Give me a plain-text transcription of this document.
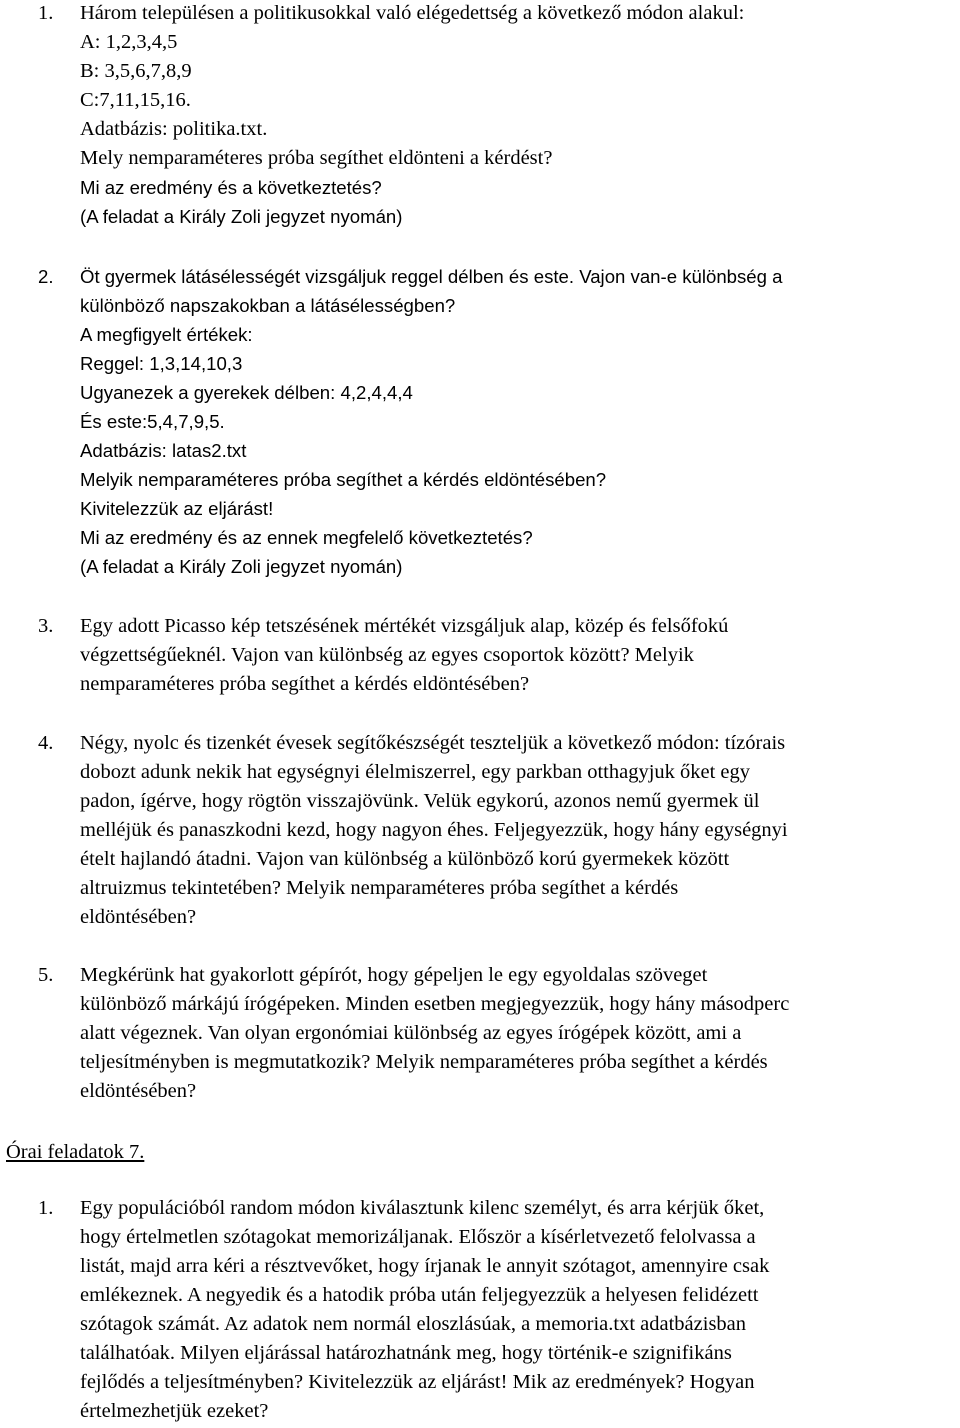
1. Három településen a politikusokkal való elégedettség a következő módon alakul:
A: 1,2,3,4,5
B: 3,5,6,7,8,9
C:7,11,15,16.
Adatbázis: politika.txt.
Mely nemparaméteres próba segíthet eldönteni a kérdést?
Mi az eredmény és a következtetés?
(A feladat a Király Zoli jegyzet nyomán)
2. Öt gyermek látásélességét vizsgáljuk reggel délben és este. Vajon van-e különbség a
különböző napszakokban a látásélességben?
A megfigyelt értékek:
Reggel: 1,3,14,10,3
Ugyanezek a gyerekek délben: 4,2,4,4,4
És este:5,4,7,9,5.
Adatbázis: latas2.txt
Melyik nemparaméteres próba segíthet a kérdés eldöntésében?
Kivitelezzük az eljárást!
Mi az eredmény és az ennek megfelelő következtetés?
(A feladat a Király Zoli jegyzet nyomán)
3. Egy adott Picasso kép tetszésének mértékét vizsgáljuk alap, közép és felsőfokú
végzettségűeknél. Vajon van különbség az egyes csoportok között? Melyik
nemparaméteres próba segíthet a kérdés eldöntésében?
4. Négy, nyolc és tizenkét évesek segítőkészségét teszteljük a következő módon: tízórais
dobozt adunk nekik hat egységnyi élelmiszerrel, egy parkban otthagyjuk őket egy
padon, ígérve, hogy rögtön visszajövünk. Velük egykorú, azonos nemű gyermek ül
melléjük és panaszkodni kezd, hogy nagyon éhes. Feljegyezzük, hogy hány egységnyi
ételt hajlandó átadni. Vajon van különbség a különböző korú gyermekek között
altruizmus tekintetében? Melyik nemparaméteres próba segíthet a kérdés
eldöntésében?
5. Megkérünk hat gyakorlott gépírót, hogy gépeljen le egy egyoldalas szöveget
különböző márkájú írógépeken. Minden esetben megjegyezzük, hogy hány másodperc
alatt végeznek. Van olyan ergonómiai különbség az egyes írógépek között, ami a
teljesítményben is megmutatkozik? Melyik nemparaméteres próba segíthet a kérdés
eldöntésében?
Órai feladatok 7.
1. Egy populációból random módon kiválasztunk kilenc személyt, és arra kérjük őket,
hogy értelmetlen szótagokat memorizáljanak. Először a kísérletvezető felolvassa a
listát, majd arra kéri a résztvevőket, hogy írjanak le annyit szótagot, amennyire csak
emlékeznek. A negyedik és a hatodik próba után feljegyezzük a helyesen felidézett
szótagok számát. Az adatok nem normál eloszlásúak, a memoria.txt adatbázisban
találhatóak. Milyen eljárással határozhatnánk meg, hogy történik-e szignifikáns
fejlődés a teljesítményben? Kivitelezzük az eljárást! Mik az eredmények? Hogyan
értelmezhetjük ezeket?
